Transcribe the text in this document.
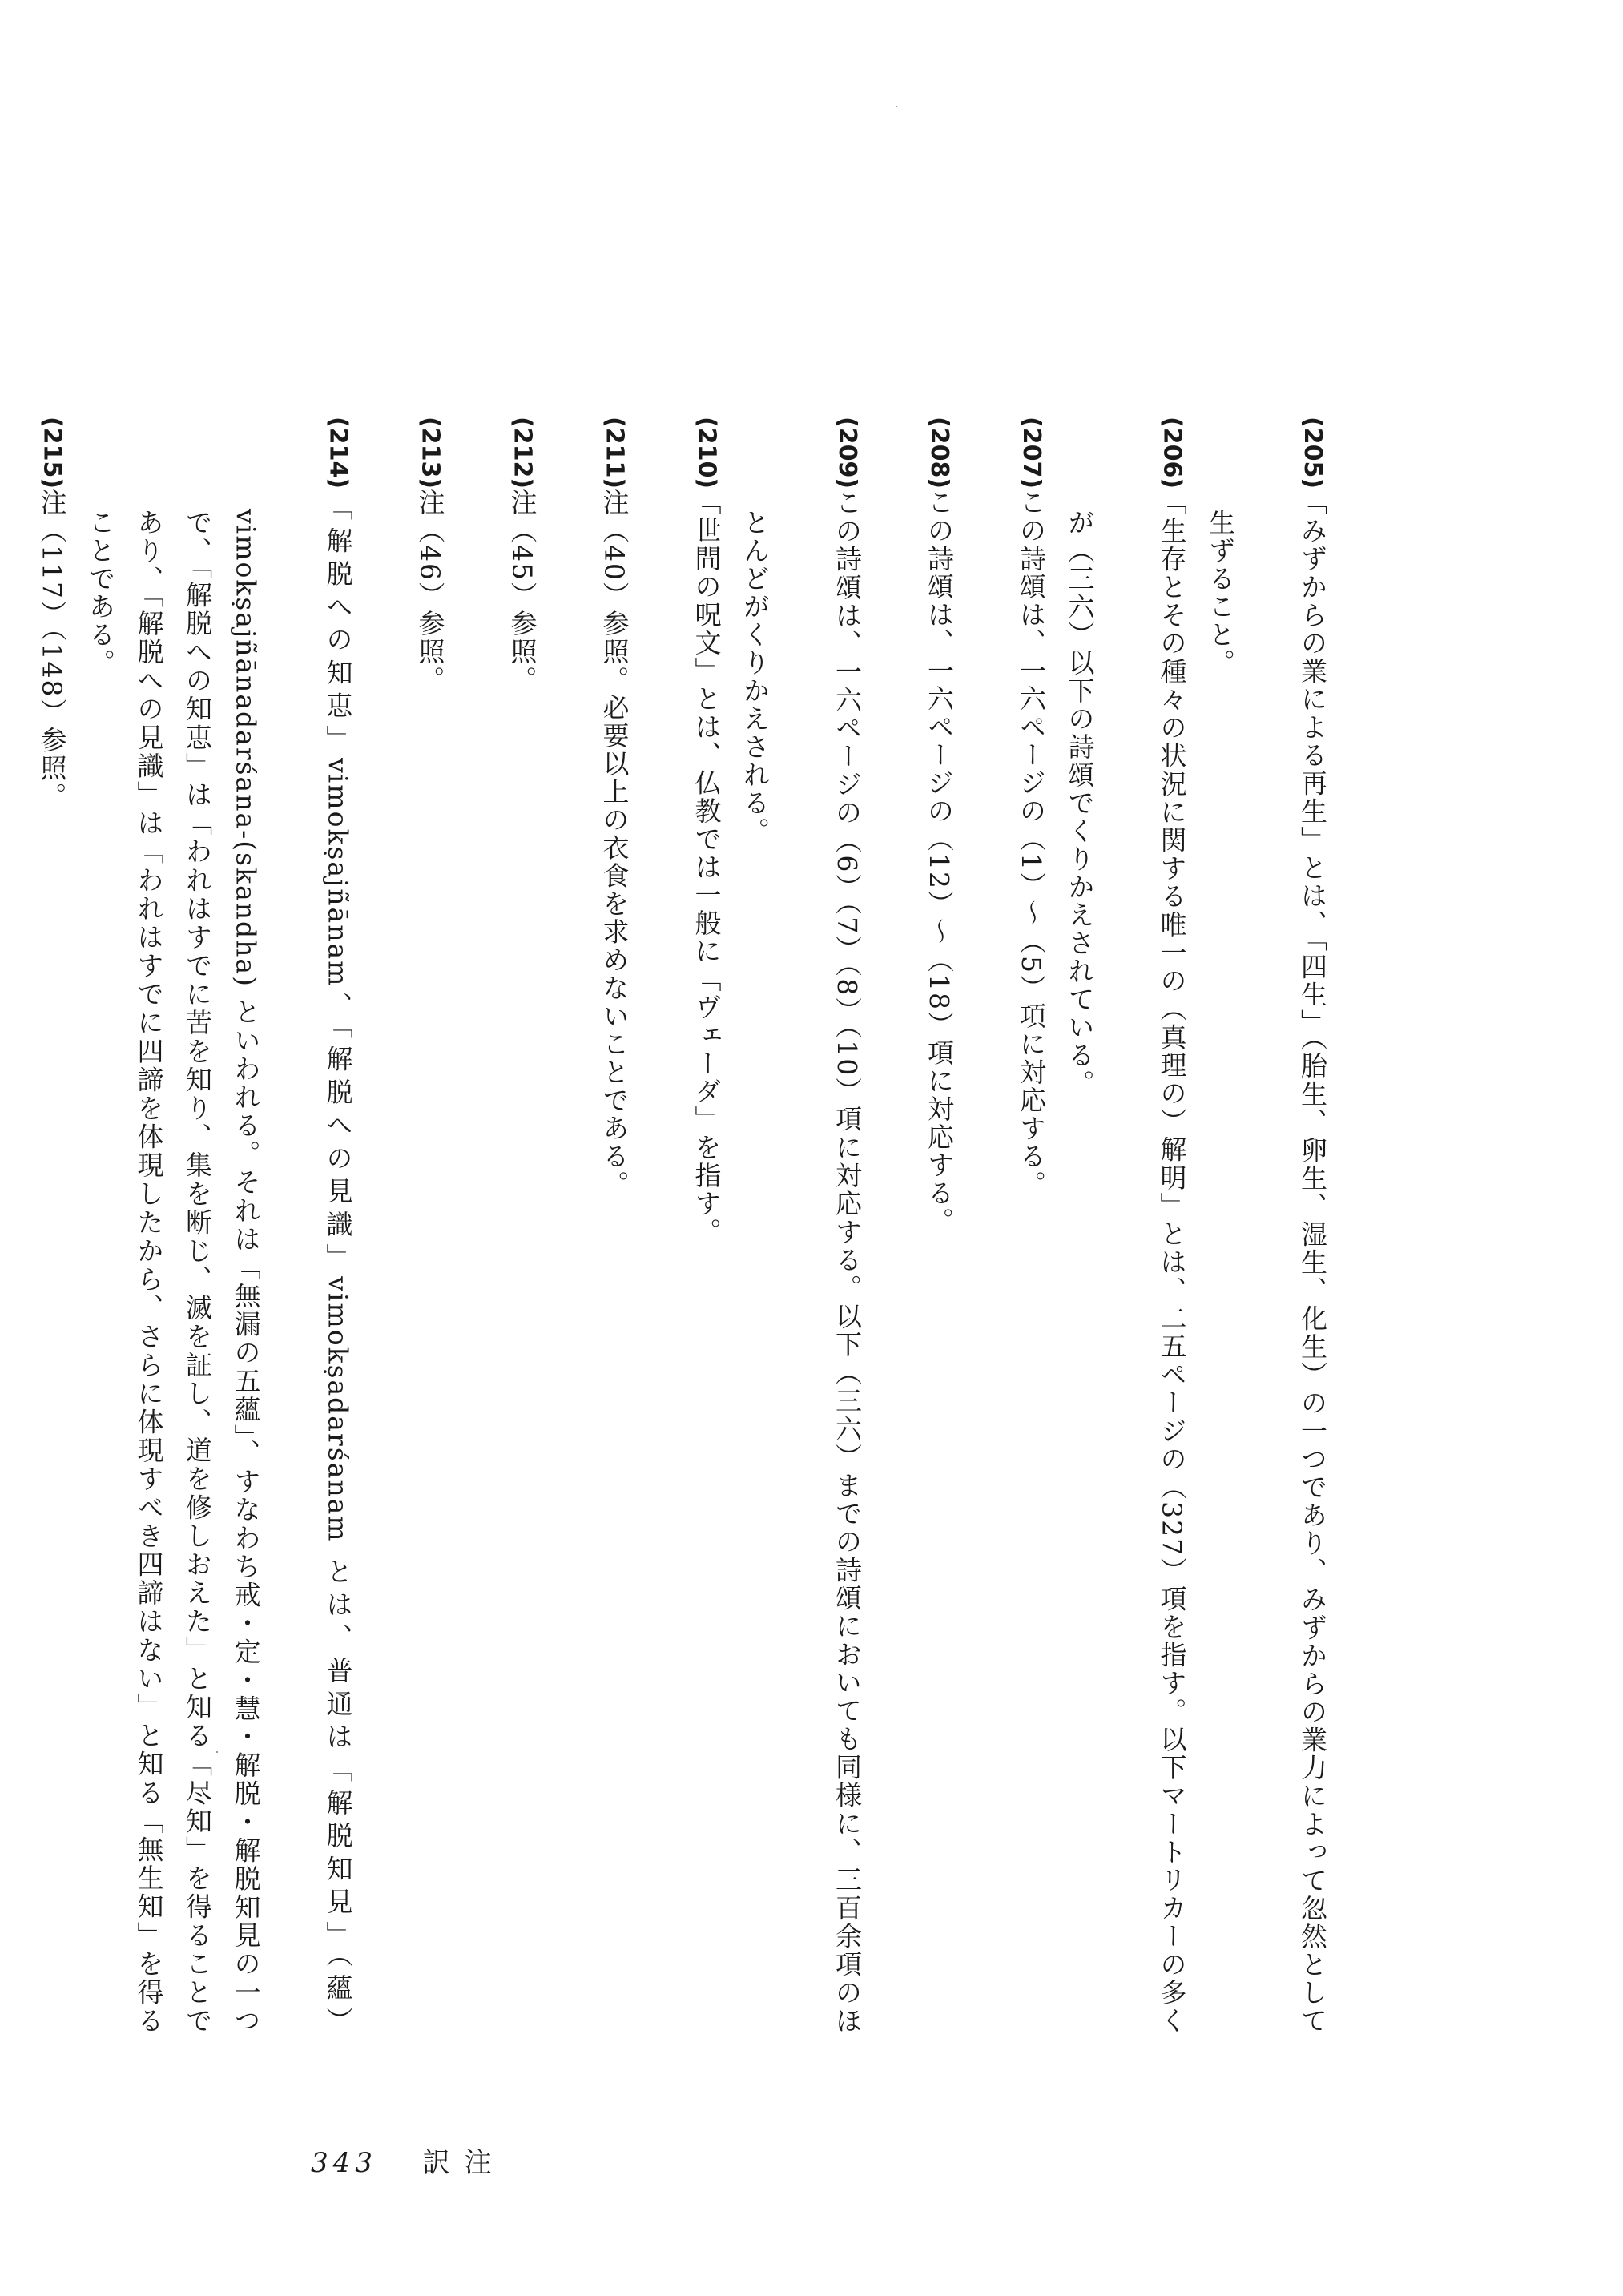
(205)「みずからの業による再生」とは、「四生」（胎生、卵生、湿生、化生）の一つであり、みずからの業力によって忽然として生ずること。

(206)「生存とその種々の状況に関する唯一の（真理の）解明」とは、二五ページの（327）項を指す。以下マートリカーの多くが（三六）以下の詩頌でくりかえされている。

(207)この詩頌は、一六ページの（1）～（5）項に対応する。

(208)この詩頌は、一六ページの（12）～（18）項に対応する。

(209)この詩頌は、一六ページの（6）（7）（8）（10）項に対応する。以下（三六）までの詩頌においても同様に、三百余項のほとんどがくりかえされる。

(210)「世間の呪文」とは、仏教では一般に「ヴェーダ」を指す。

(211)注（40）参照。必要以上の衣食を求めないことである。

(212)注（45）参照。

(213)注（46）参照。

(214)「解脱への知恵」vimokṣajñānam、「解脱への見識」vimokṣadarśanam とは、普通は「解脱知見」（蘊）vimokṣajñānadarśana-(skandha) といわれる。それは「無漏の五蘊」、すなわち戒・定・慧・解脱・解脱知見の一つで、「解脱への知恵」は「われはすでに苦を知り、集を断じ、滅を証し、道を修しおえた」と知る「尽知」を得ることであり、「解脱への見識」は「われはすでに四諦を体現したから、さらに体現すべき四諦はない」と知る「無生知」を得ることである。

(215)注（117）（148）参照。

343 訳注
